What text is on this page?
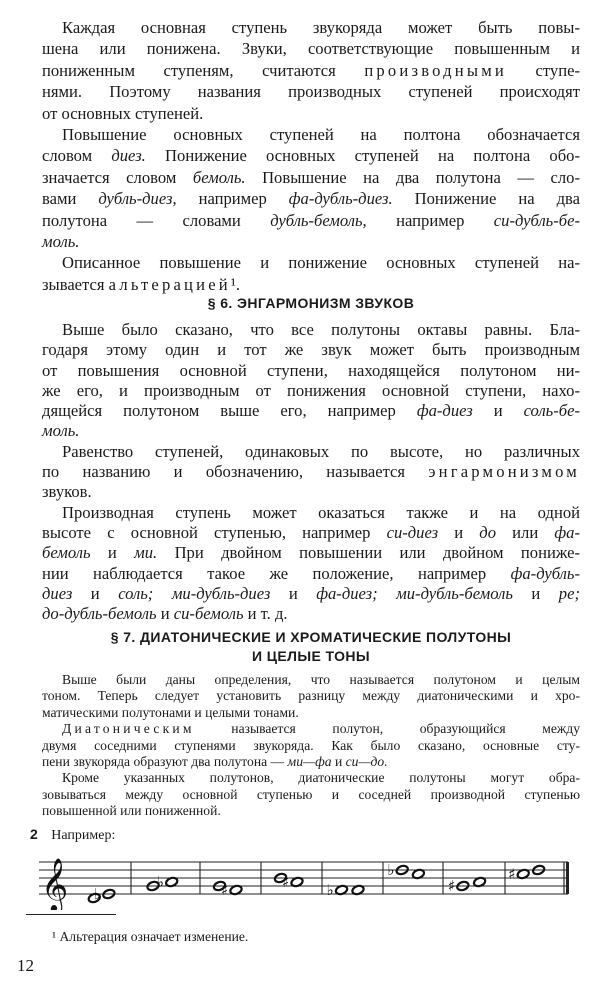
Каждая основная ступень звукоряда может быть повы-
шена или понижена. Звуки, соответствующие повышенным и
пониженным ступеням, считаются производными ступе-
нями. Поэтому названия производных ступеней происходят
от основных ступеней.
Повышение основных ступеней на полтона обозначается
словом диез. Понижение основных ступеней на полтона обо-
значается словом бемоль. Повышение на два полутона — сло-
вами дубль-диез, например фа-дубль-диез. Понижение на два
полутона — словами дубль-бемоль, например си-дубль-бе-
моль.
Описанное повышение и понижение основных ступеней на-
зывается альтерацией¹.
§ 6. ЭНГАРМОНИЗМ ЗВУКОВ
Выше было сказано, что все полутоны октавы равны. Бла-
годаря этому один и тот же звук может быть производным
от повышения основной ступени, находящейся полутоном ни-
же его, и производным от понижения основной ступени, нахо-
дящейся полутоном выше его, например фа-диез и соль-бе-
моль.
Равенство ступеней, одинаковых по высоте, но различных
по названию и обозначению, называется энгармонизмом
звуков.
Производная ступень может оказаться также и на одной
высоте с основной ступенью, например си-диез и до или фа-
бемоль и ми. При двойном повышении или двойном пониже-
нии наблюдается такое же положение, например фа-дубль-
диез и соль; ми-дубль-диез и фа-диез; ми-дубль-бемоль и ре;
до-дубль-бемоль и си-бемоль и т. д.
§ 7. ДИАТОНИЧЕСКИЕ И ХРОМАТИЧЕСКИЕ ПОЛУТОНЫ
И ЦЕЛЫЕ ТОНЫ
Выше были даны определения, что называется полутоном и целым
тоном. Теперь следует установить разницу между диатоническими и хро-
матическими полутонами и целыми тонами.
Диатоническим называется полутон, образующийся между
двумя соседними ступенями звукоряда. Как было сказано, основные сту-
пени звукоряда образуют два полутона — ми—фа и си—до.
Кроме указанных полутонов, диатонические полутоны могут обра-
зовываться между основной ступенью и соседней производной ступенью
повышенной или пониженной.
2 Например:
𝄞 ♭
♭	♯	♯ ♭
♭
♯
♯
¹ Альтерация означает изменение.
12
